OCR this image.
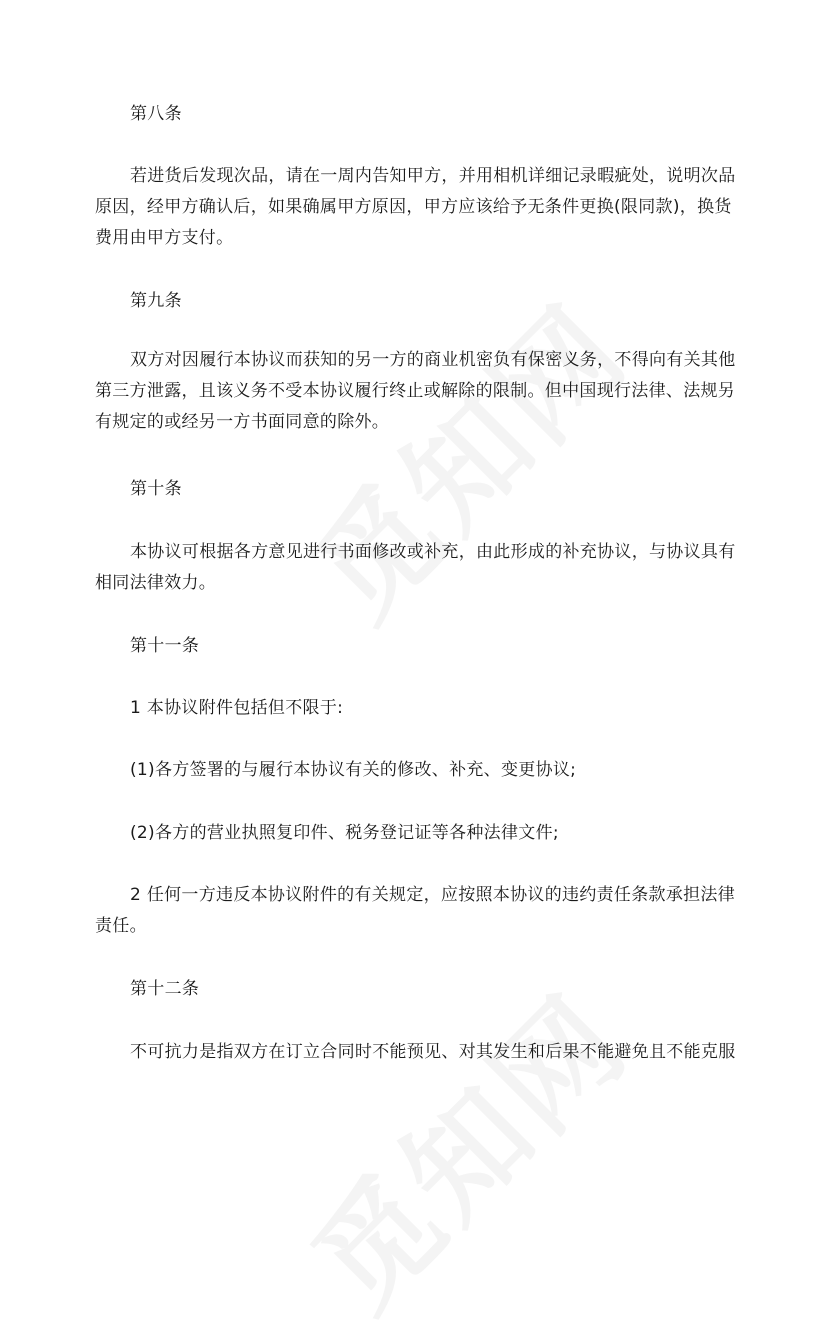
第八条
若进货后发现次品，请在一周内告知甲方，并用相机详细记录暇疵处，说明次品原因，经甲方确认后，如果确属甲方原因，甲方应该给予无条件更换(限同款)，换货费用由甲方支付。
第九条
双方对因履行本协议而获知的另一方的商业机密负有保密义务，不得向有关其他第三方泄露，且该义务不受本协议履行终止或解除的限制。但中国现行法律、法规另有规定的或经另一方书面同意的除外。
第十条
本协议可根据各方意见进行书面修改或补充，由此形成的补充协议，与协议具有相同法律效力。
第十一条
1 本协议附件包括但不限于:
(1)各方签署的与履行本协议有关的修改、补充、变更协议;
(2)各方的营业执照复印件、税务登记证等各种法律文件;
2 任何一方违反本协议附件的有关规定，应按照本协议的违约责任条款承担法律责任。
第十二条
不可抗力是指双方在订立合同时不能预见、对其发生和后果不能避免且不能克服
